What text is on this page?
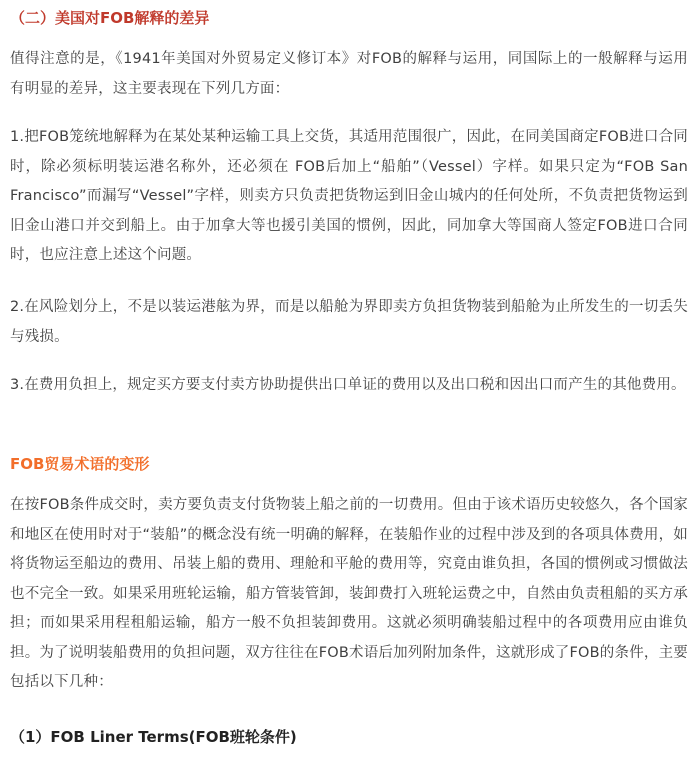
（二）美国对FOB解释的差异

值得注意的是，《1941年美国对外贸易定义修订本》对FOB的解释与运用，同国际上的一般解释与运用有明显的差异，这主要表现在下列几方面：

1.把FOB笼统地解释为在某处某种运输工具上交货，其适用范围很广，因此，在同美国商定FOB进口合同时，除必须标明装运港名称外，还必须在 FOB后加上“船舶”（Vessel）字样。如果只定为“FOB San Francisco”而漏写“Vessel”字样，则卖方只负责把货物运到旧金山城内的任何处所，不负责把货物运到旧金山港口并交到船上。由于加拿大等也援引美国的惯例，因此，同加拿大等国商人签定FOB进口合同时，也应注意上述这个问题。

2.在风险划分上，不是以装运港舷为界，而是以船舱为界即卖方负担货物装到船舱为止所发生的一切丢失与残损。

3.在费用负担上，规定买方要支付卖方协助提供出口单证的费用以及出口税和因出口而产生的其他费用。

FOB贸易术语的变形

在按FOB条件成交时，卖方要负责支付货物装上船之前的一切费用。但由于该术语历史较悠久，各个国家和地区在使用时对于“装船”的概念没有统一明确的解释，在装船作业的过程中涉及到的各项具体费用，如将货物运至船边的费用、吊装上船的费用、理舱和平舱的费用等，究竟由谁负担，各国的惯例或习惯做法也不完全一致。如果采用班轮运输，船方管装管卸，装卸费打入班轮运费之中，自然由负责租船的买方承担；而如果采用程租船运输，船方一般不负担装卸费用。这就必须明确装船过程中的各项费用应由谁负担。为了说明装船费用的负担问题，双方往往在FOB术语后加列附加条件，这就形成了FOB的条件，主要包括以下几种：

（1）FOB Liner Terms(FOB班轮条件)
